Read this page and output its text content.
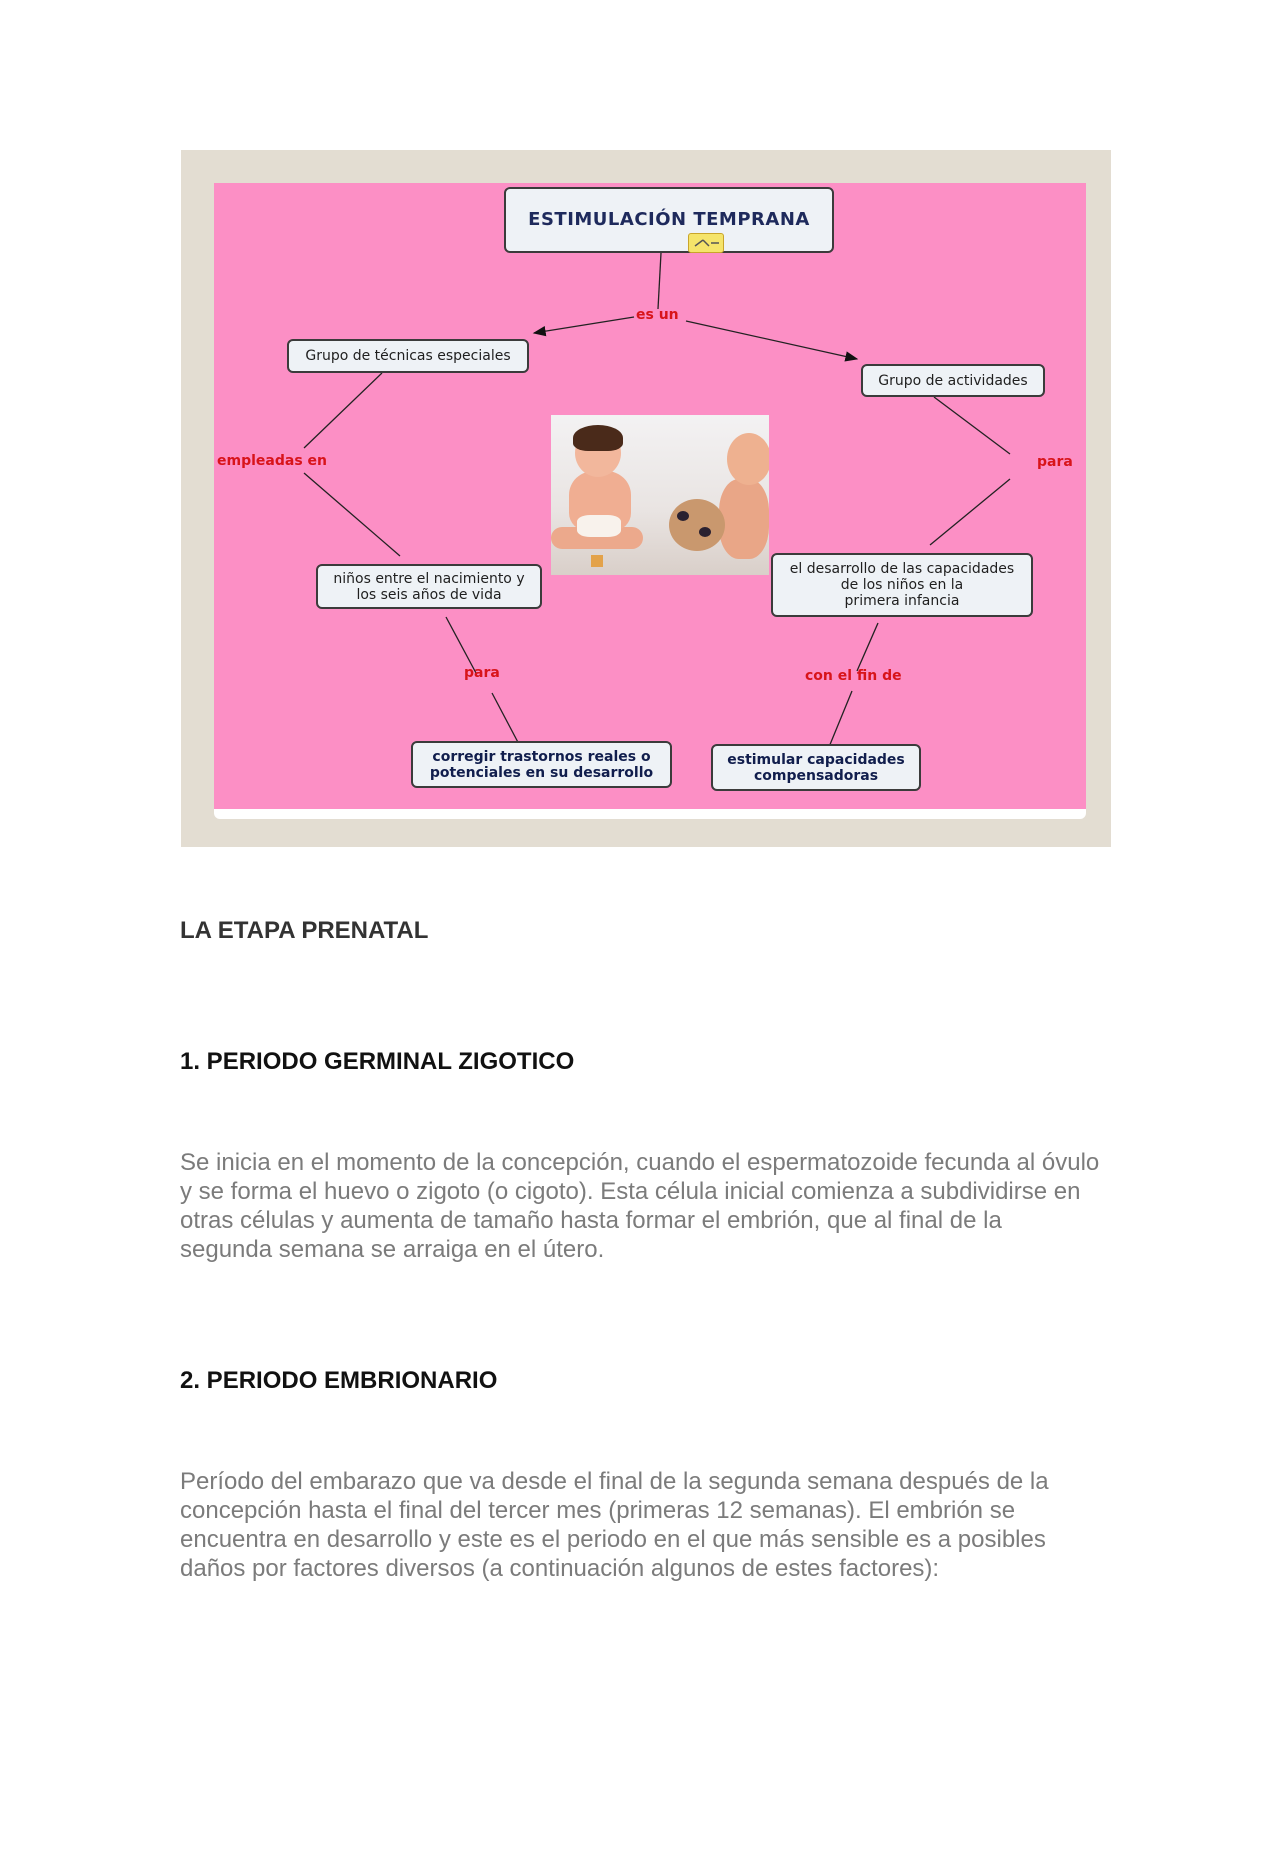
ESTIMULACIÓN TEMPRANA
es un
Grupo de técnicas especiales
Grupo de actividades
empleadas en	para
niños entre el nacimiento y
los seis años de vida
el desarrollo de las capacidades
de los niños en la
primera infancia
para	con el fin de
corregir trastornos reales o
potenciales en su desarrollo
estimular capacidades
compensadoras
LA ETAPA PRENATAL
1. PERIODO GERMINAL ZIGOTICO

Se inicia en el momento de la concepción, cuando el espermatozoide fecunda al óvulo y se forma el huevo o zigoto (o cigoto). Esta célula inicial comienza a subdividirse en otras células y aumenta de tamaño hasta formar el embrión, que al final de la segunda semana se arraiga en el útero.

2. PERIODO EMBRIONARIO

Período del embarazo que va desde el final de la segunda semana después de la concepción hasta el final del tercer mes (primeras 12 semanas). El embrión se encuentra en desarrollo y este es el periodo en el que más sensible es a posibles daños por factores diversos (a continuación algunos de estes factores):
